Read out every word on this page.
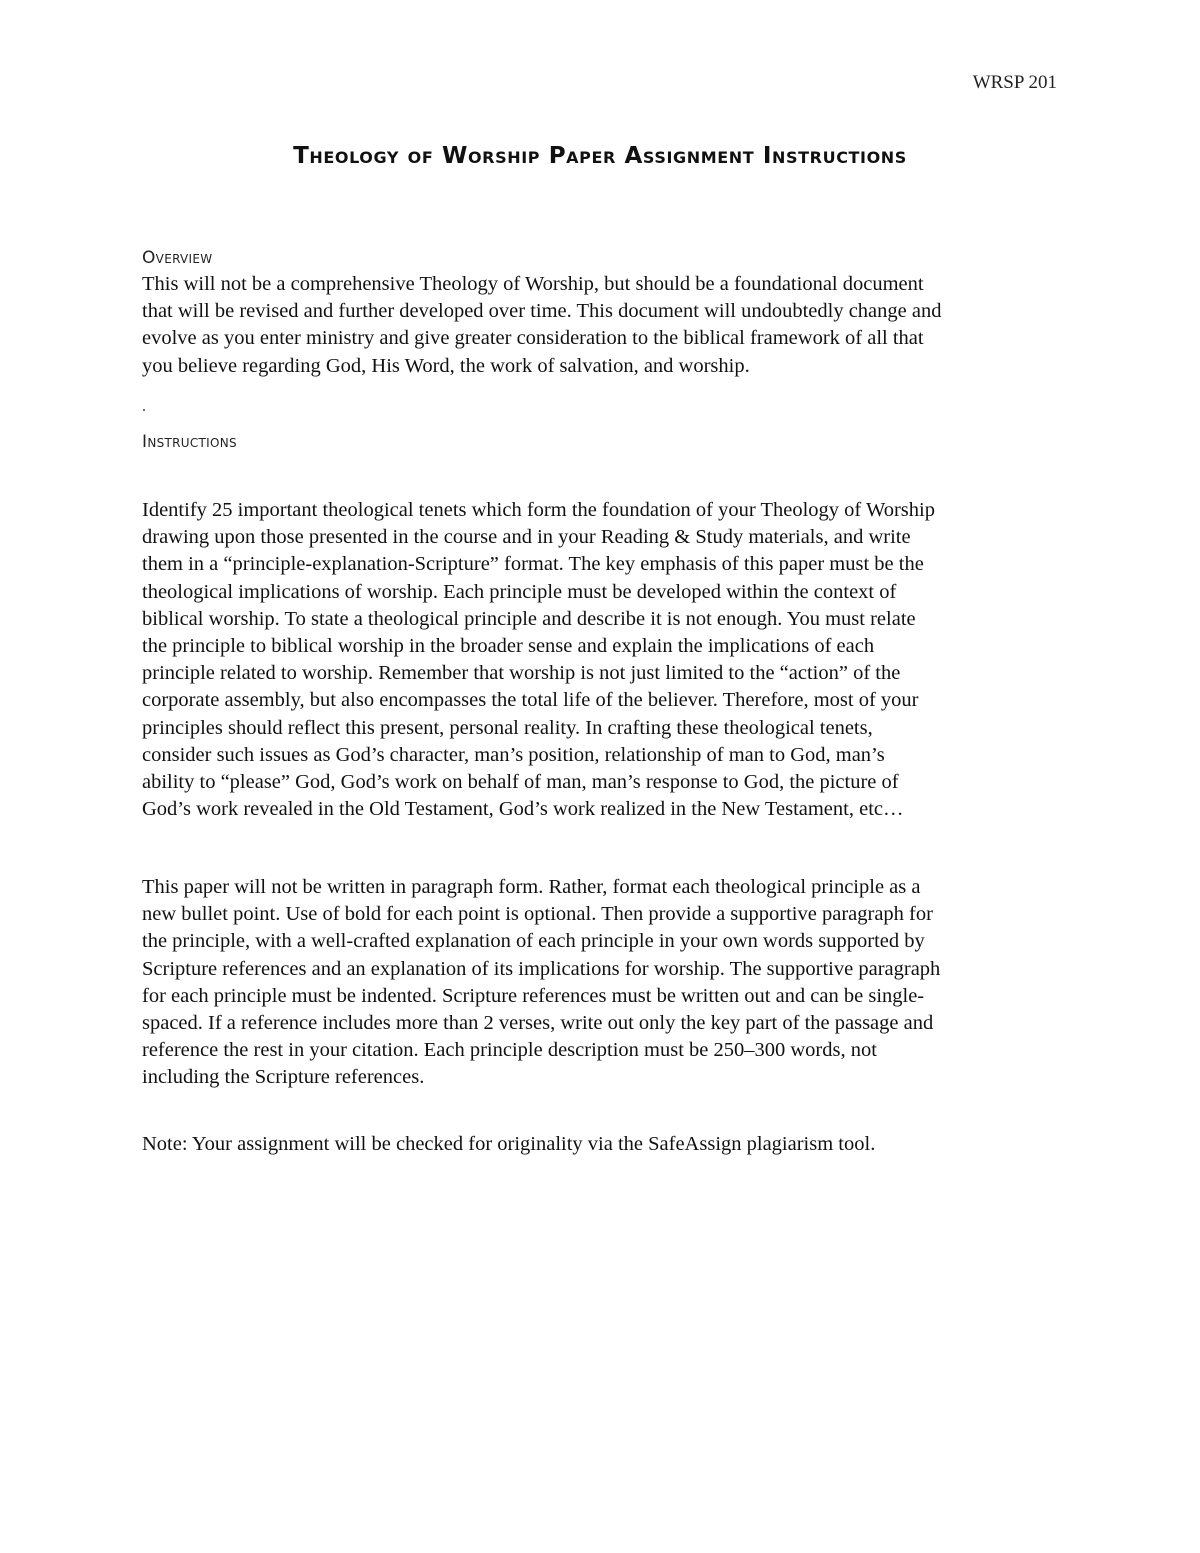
WRSP 201
Theology of Worship Paper Assignment Instructions
Overview

This will not be a comprehensive Theology of Worship, but should be a foundational document
that will be revised and further developed over time. This document will undoubtedly change and
evolve as you enter ministry and give greater consideration to the biblical framework of all that
you believe regarding God, His Word, the work of salvation, and worship.

.
Instructions

Identify 25 important theological tenets which form the foundation of your Theology of Worship
drawing upon those presented in the course and in your Reading & Study materials, and write
them in a “principle-explanation-Scripture” format. The key emphasis of this paper must be the
theological implications of worship. Each principle must be developed within the context of
biblical worship. To state a theological principle and describe it is not enough. You must relate
the principle to biblical worship in the broader sense and explain the implications of each
principle related to worship. Remember that worship is not just limited to the “action” of the
corporate assembly, but also encompasses the total life of the believer. Therefore, most of your
principles should reflect this present, personal reality. In crafting these theological tenets,
consider such issues as God’s character, man’s position, relationship of man to God, man’s
ability to “please” God, God’s work on behalf of man, man’s response to God, the picture of
God’s work revealed in the Old Testament, God’s work realized in the New Testament, etc…

This paper will not be written in paragraph form. Rather, format each theological principle as a
new bullet point. Use of bold for each point is optional. Then provide a supportive paragraph for
the principle, with a well-crafted explanation of each principle in your own words supported by
Scripture references and an explanation of its implications for worship. The supportive paragraph
for each principle must be indented. Scripture references must be written out and can be single-
spaced. If a reference includes more than 2 verses, write out only the key part of the passage and
reference the rest in your citation. Each principle description must be 250–300 words, not
including the Scripture references.

Note: Your assignment will be checked for originality via the SafeAssign plagiarism tool.
